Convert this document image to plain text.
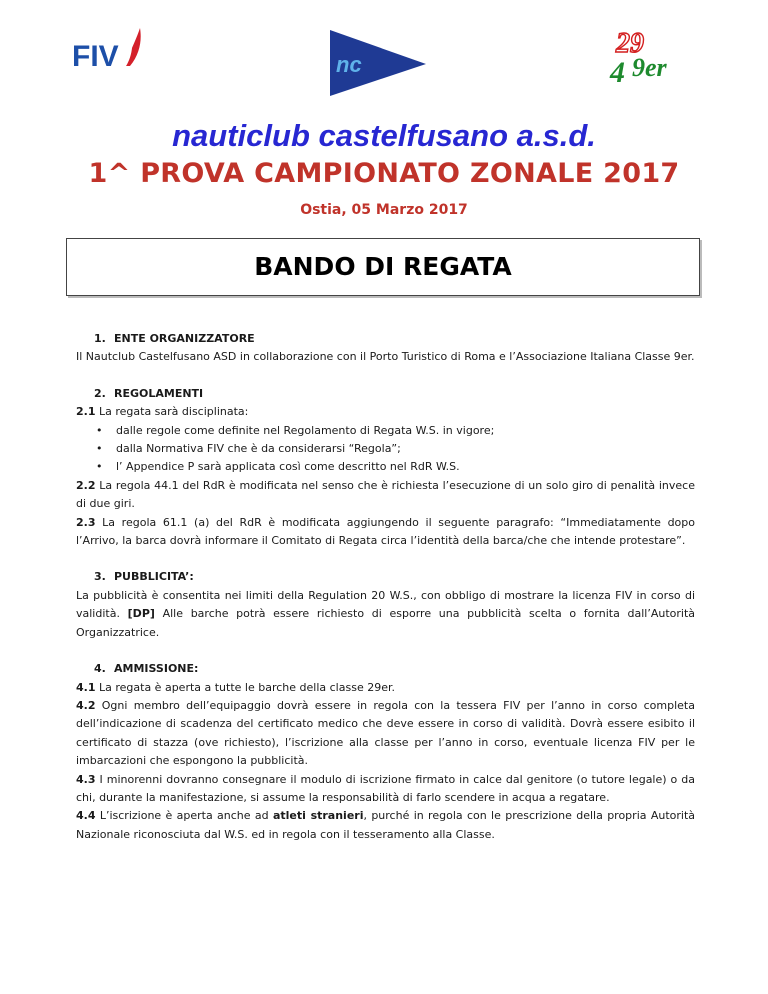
FIV	nc
29
4 9er
nauticlub castelfusano a.s.d.
1^ PROVA CAMPIONATO ZONALE 2017
Ostia, 05 Marzo 2017
BANDO DI REGATA
1. ENTE ORGANIZZATORE

Il Nautclub Castelfusano ASD in collaborazione con il Porto Turistico di Roma e l’Associazione Italiana Classe 9er.

2. REGOLAMENTI

2.1 La regata sarà disciplinata:

• dalle regole come definite nel Regolamento di Regata W.S. in vigore;
• dalla Normativa FIV che è da considerarsi “Regola”;
• l’ Appendice P sarà applicata così come descritto nel RdR W.S.

2.2 La regola 44.1 del RdR è modificata nel senso che è richiesta l’esecuzione di un solo giro di penalità invece di due giri.

2.3 La regola 61.1 (a) del RdR è modificata aggiungendo il seguente paragrafo: “Immediatamente dopo l’Arrivo, la barca dovrà informare il Comitato di Regata circa l’identità della barca/che che intende protestare”.

3. PUBBLICITA’:

La pubblicità è consentita nei limiti della Regulation 20 W.S., con obbligo di mostrare la licenza FIV in corso di validità. [DP] Alle barche potrà essere richiesto di esporre una pubblicità scelta o fornita dall’Autorità Organizzatrice.

4. AMMISSIONE:

4.1 La regata è aperta a tutte le barche della classe 29er.

4.2 Ogni membro dell’equipaggio dovrà essere in regola con la tessera FIV per l’anno in corso completa dell’indicazione di scadenza del certificato medico che deve essere in corso di validità. Dovrà essere esibito il certificato di stazza (ove richiesto), l’iscrizione alla classe per l’anno in corso, eventuale licenza FIV per le imbarcazioni che espongono la pubblicità.

4.3 I minorenni dovranno consegnare il modulo di iscrizione firmato in calce dal genitore (o tutore legale) o da chi, durante la manifestazione, si assume la responsabilità di farlo scendere in acqua a regatare.

4.4 L’iscrizione è aperta anche ad atleti stranieri, purché in regola con le prescrizione della propria Autorità Nazionale riconosciuta dal W.S. ed in regola con il tesseramento alla Classe.
